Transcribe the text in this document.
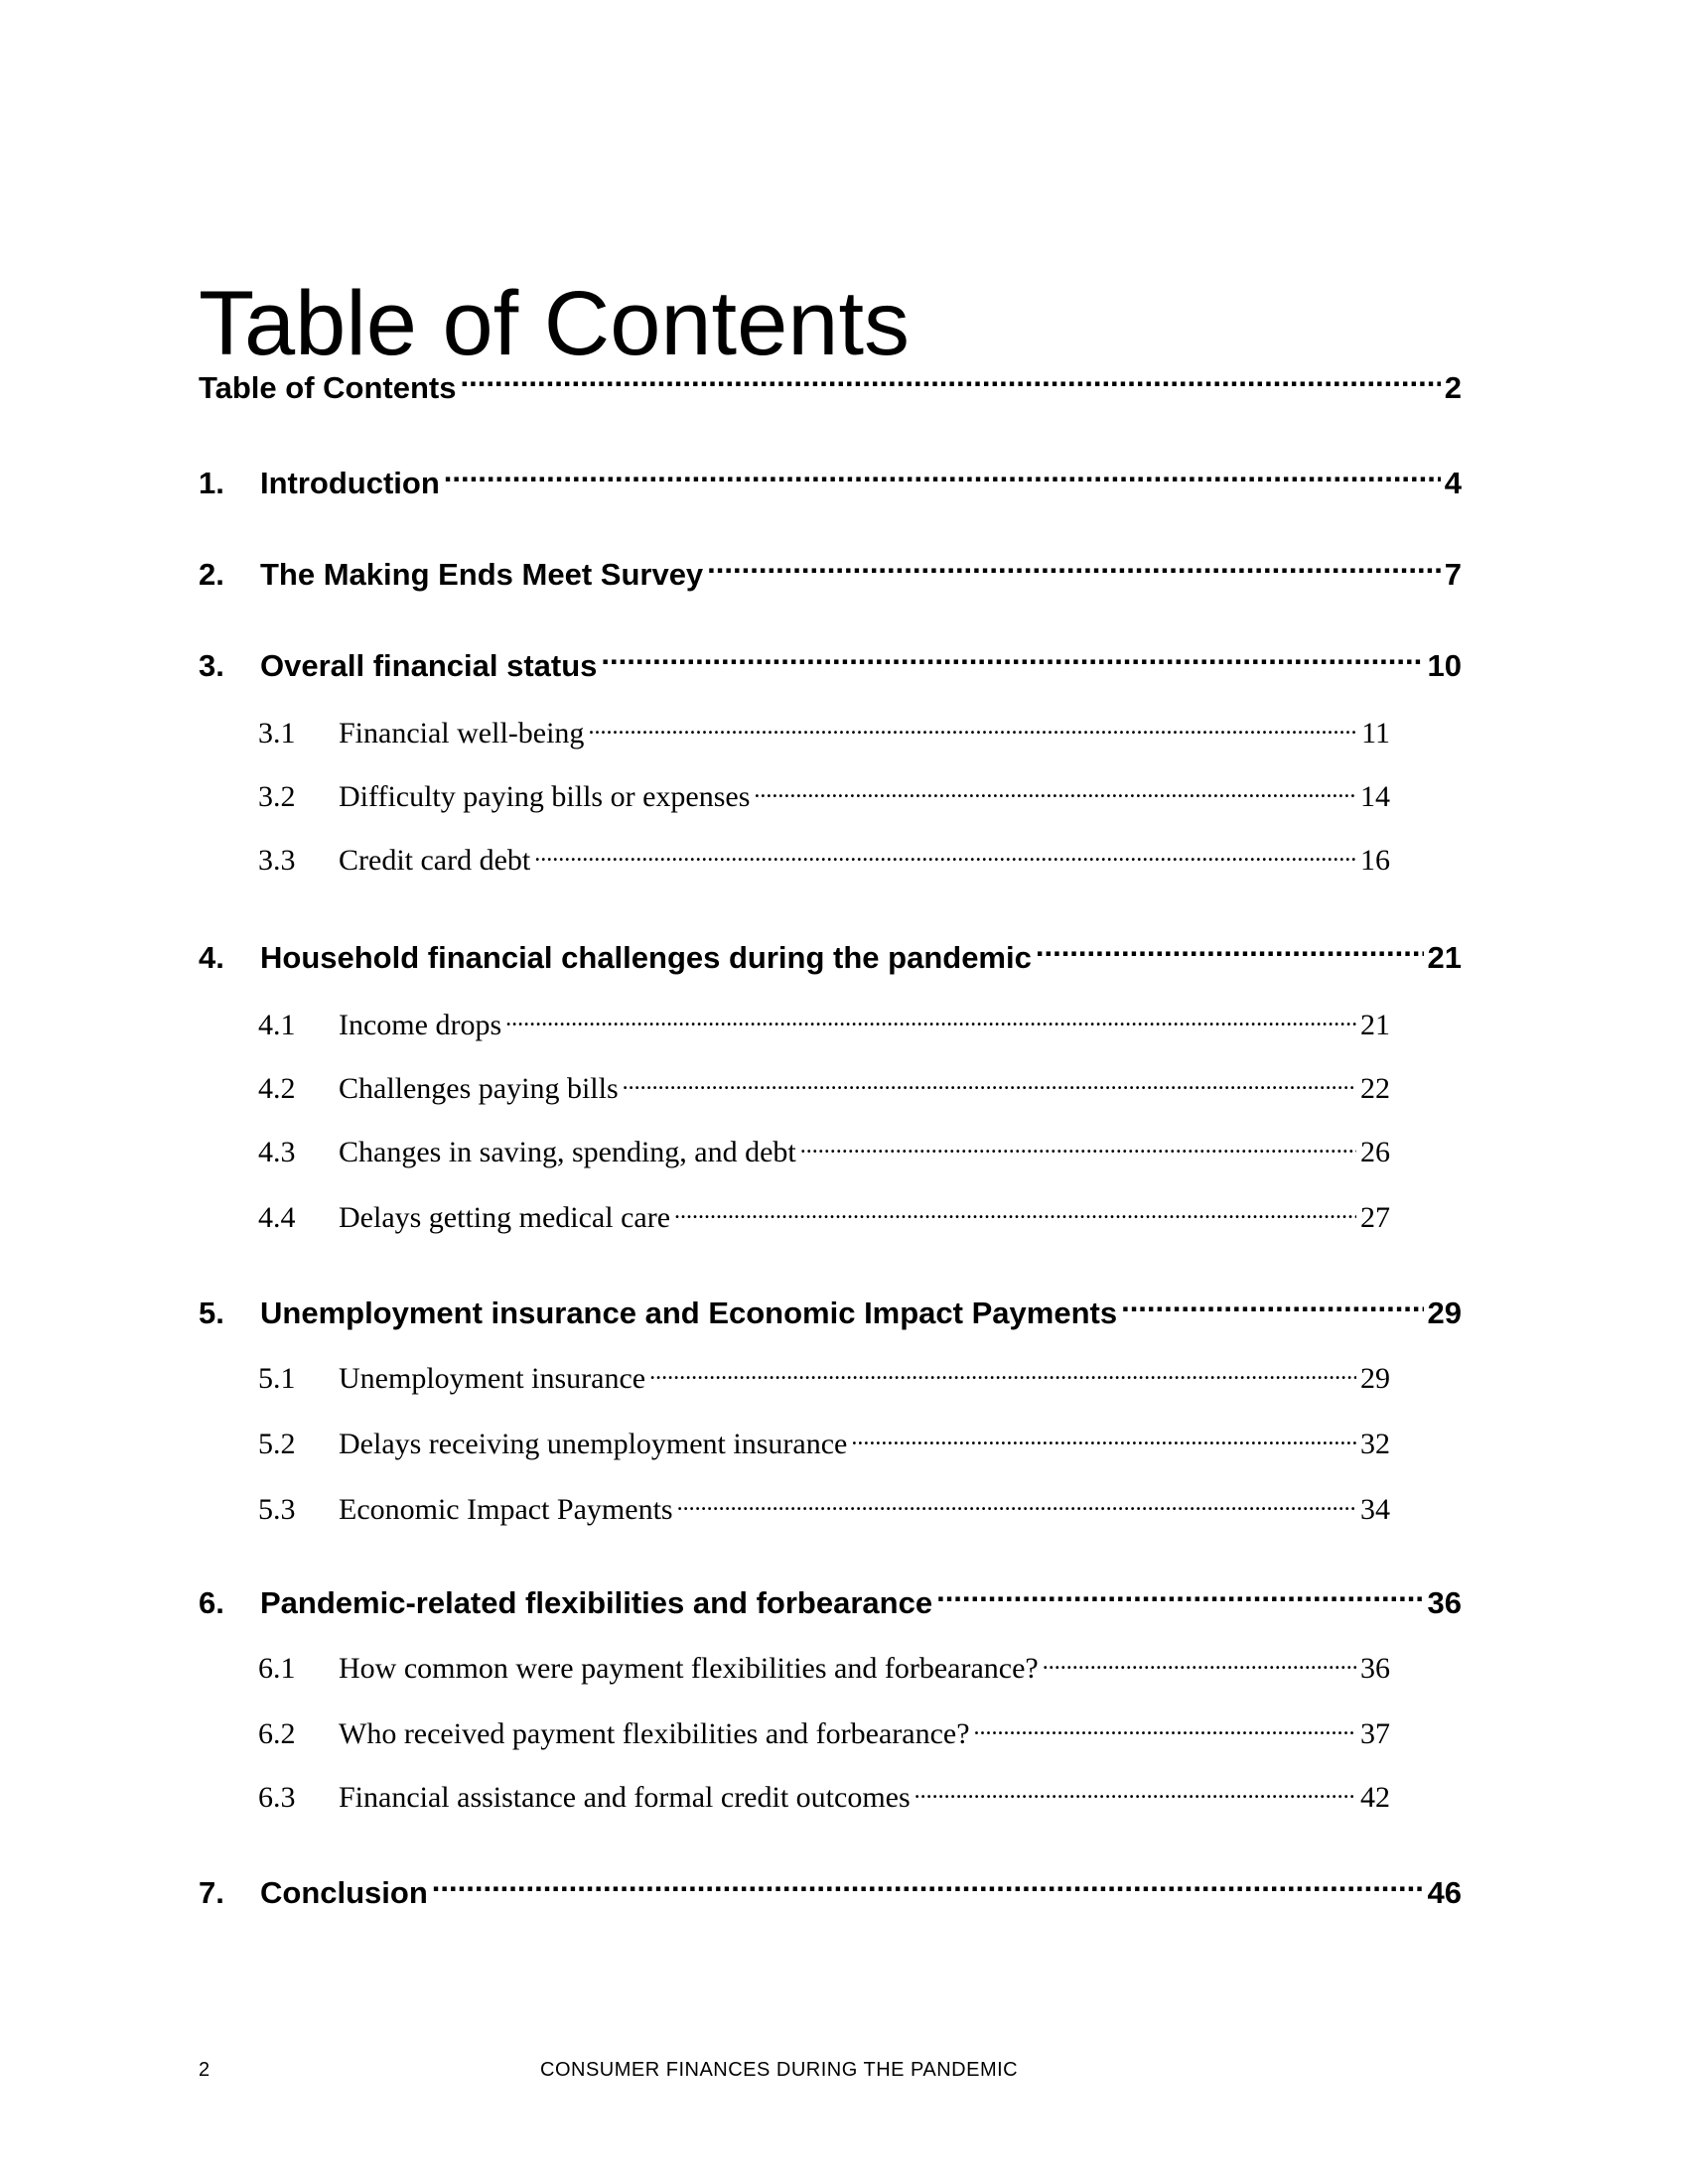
Table of Contents
Table of Contents .....	2
1.	Introduction .....	4
2.	The Making Ends Meet Survey .....	7
3.	Overall financial status .....	10
3.1	Financial well-being .....	11
3.2	Difficulty paying bills or expenses .....	14
3.3	Credit card debt .....	16
4.	Household financial challenges during the pandemic .....	21
4.1	Income drops .....	21
4.2	Challenges paying bills .....	22
4.3	Changes in saving, spending, and debt .....	26
4.4	Delays getting medical care .....	27
5.	Unemployment insurance and Economic Impact Payments .....	29
5.1	Unemployment insurance .....	29
5.2	Delays receiving unemployment insurance .....	32
5.3	Economic Impact Payments .....	34
6.	Pandemic-related flexibilities and forbearance .....	36
6.1	How common were payment flexibilities and forbearance? .....	36
6.2	Who received payment flexibilities and forbearance? .....	37
6.3	Financial assistance and formal credit outcomes .....	42
7.	Conclusion .....	46
2	CONSUMER FINANCES DURING THE PANDEMIC
